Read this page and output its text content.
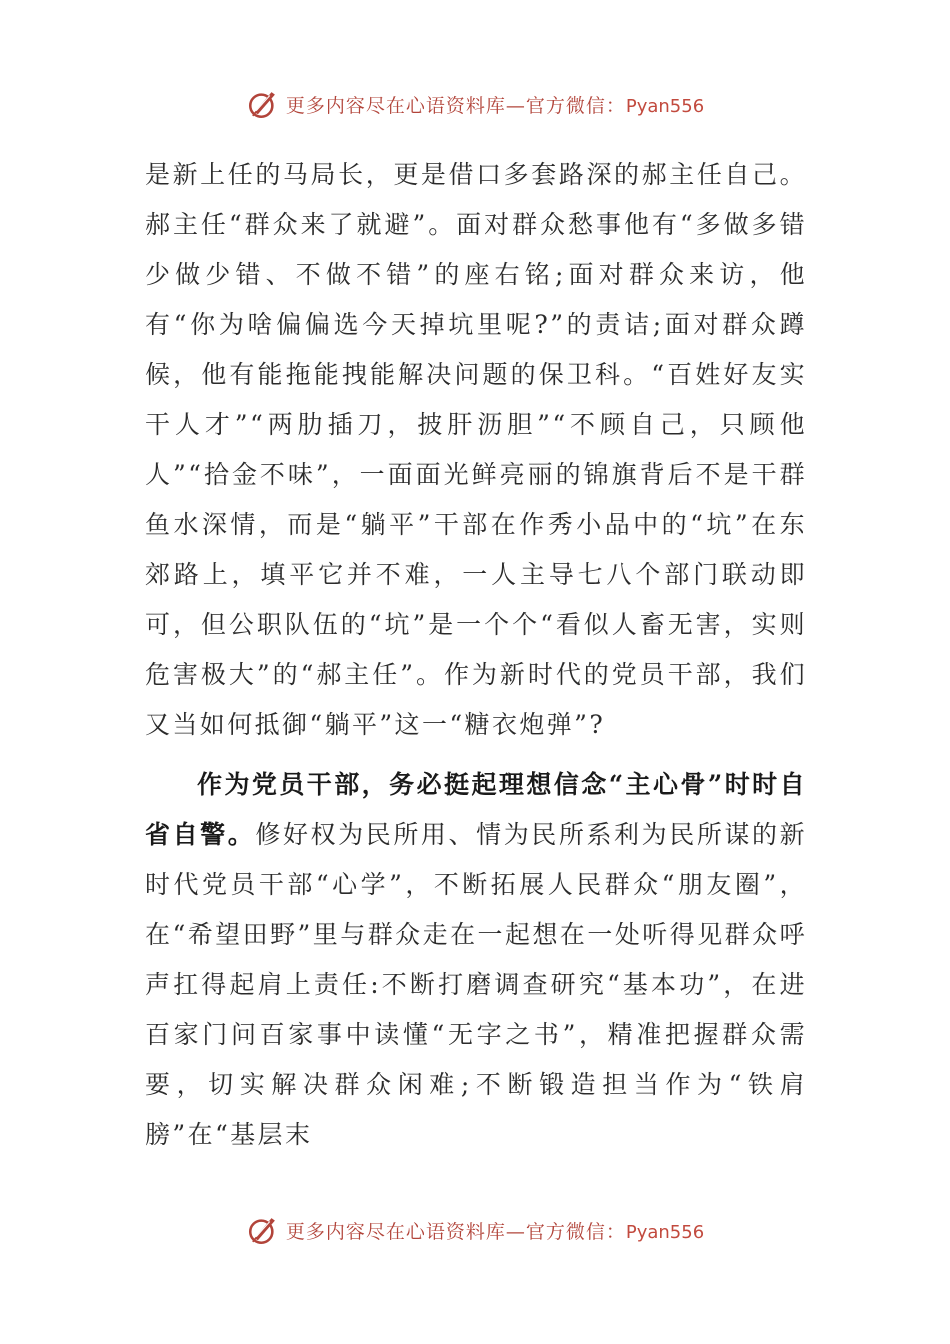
更多内容尽在心语资料库—官方微信：Pyan556

是新上任的马局长，更是借口多套路深的郝主任自己。郝主任“群众来了就避”。面对群众愁事他有“多做多错少做少错、不做不错”的座右铭;面对群众来访，他有“你为啥偏偏选今天掉坑里呢?”的责诘;面对群众蹲候，他有能拖能拽能解决问题的保卫科。“百姓好友实干人才”“两肋插刀，披肝沥胆”“不顾自己，只顾他人”“拾金不味”，一面面光鲜亮丽的锦旗背后不是干群鱼水深情，而是“躺平”干部在作秀小品中的“坑”在东郊路上，填平它并不难，一人主导七八个部门联动即可，但公职队伍的“坑”是一个个“看似人畜无害，实则危害极大”的“郝主任”。作为新时代的党员干部，我们又当如何抵御“躺平”这一“糖衣炮弹”?

作为党员干部，务必挺起理想信念“主心骨”时时自省自警。修好权为民所用、情为民所系利为民所谋的新时代党员干部“心学”，不断拓展人民群众“朋友圈”，在“希望田野”里与群众走在一起想在一处听得见群众呼声扛得起肩上责任:不断打磨调查研究“基本功”，在进百家门问百家事中读懂“无字之书”，精准把握群众需要，切实解决群众闲难;不断锻造担当作为“铁肩膀”在“基层末

更多内容尽在心语资料库—官方微信：Pyan556
